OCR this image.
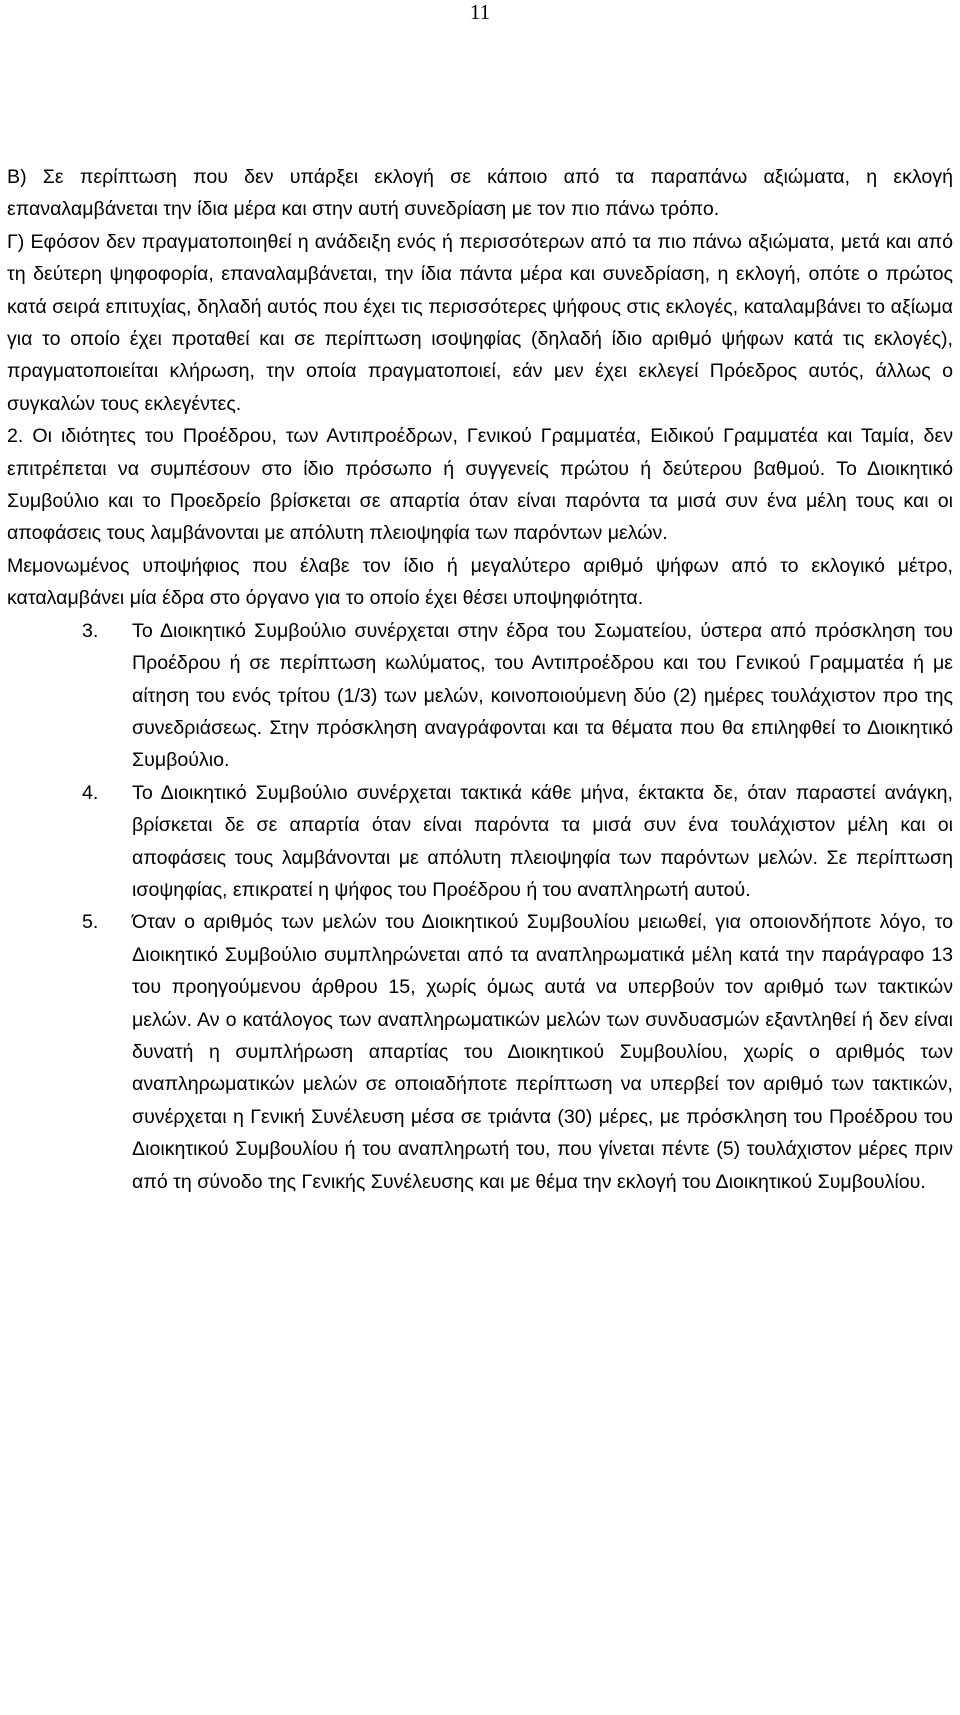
11

Β) Σε περίπτωση που δεν υπάρξει εκλογή σε κάποιο από τα παραπάνω αξιώματα, η εκλογή επαναλαμβάνεται την ίδια μέρα και στην αυτή συνεδρίαση με τον πιο πάνω τρόπο.

Γ) Εφόσον δεν πραγματοποιηθεί η ανάδειξη ενός ή περισσότερων από τα πιο πάνω αξιώματα, μετά και από τη δεύτερη ψηφοφορία, επαναλαμβάνεται, την ίδια πάντα μέρα και συνεδρίαση, η εκλογή, οπότε ο πρώτος κατά σειρά επιτυχίας, δηλαδή αυτός που έχει τις περισσότερες ψήφους στις εκλογές, καταλαμβάνει το αξίωμα για το οποίο έχει προταθεί και σε περίπτωση ισοψηφίας (δηλαδή ίδιο αριθμό ψήφων κατά τις εκλογές), πραγματοποιείται κλήρωση, την οποία πραγματοποιεί, εάν μεν έχει εκλεγεί Πρόεδρος αυτός, άλλως ο συγκαλών τους εκλεγέντες.

2. Οι ιδιότητες του Προέδρου, των Αντιπροέδρων, Γενικού Γραμματέα, Ειδικού Γραμματέα και Ταμία, δεν επιτρέπεται να συμπέσουν στο ίδιο πρόσωπο ή συγγενείς πρώτου ή δεύτερου βαθμού. Το Διοικητικό Συμβούλιο και το Προεδρείο βρίσκεται σε απαρτία όταν είναι παρόντα τα μισά συν ένα μέλη τους και οι αποφάσεις τους λαμβάνονται με απόλυτη πλειοψηφία των παρόντων μελών.

Μεμονωμένος υποψήφιος που έλαβε τον ίδιο ή μεγαλύτερο αριθμό ψήφων από το εκλογικό μέτρο, καταλαμβάνει μία έδρα στο όργανο για το οποίο έχει θέσει υποψηφιότητα.

3. Το Διοικητικό Συμβούλιο συνέρχεται στην έδρα του Σωματείου, ύστερα από πρόσκληση του Προέδρου ή σε περίπτωση κωλύματος, του Αντιπροέδρου και του Γενικού Γραμματέα ή με αίτηση του ενός τρίτου (1/3) των μελών, κοινοποιούμενη δύο (2) ημέρες τουλάχιστον προ της συνεδριάσεως. Στην πρόσκληση αναγράφονται και τα θέματα που θα επιληφθεί το Διοικητικό Συμβούλιο.
4. Το Διοικητικό Συμβούλιο συνέρχεται τακτικά κάθε μήνα, έκτακτα δε, όταν παραστεί ανάγκη, βρίσκεται δε σε απαρτία όταν είναι παρόντα τα μισά συν ένα τουλάχιστον μέλη και οι αποφάσεις τους λαμβάνονται με απόλυτη πλειοψηφία των παρόντων μελών. Σε περίπτωση ισοψηφίας, επικρατεί η ψήφος του Προέδρου ή του αναπληρωτή αυτού.
5. Όταν ο αριθμός των μελών του Διοικητικού Συμβουλίου μειωθεί, για οποιονδήποτε λόγο, το Διοικητικό Συμβούλιο συμπληρώνεται από τα αναπληρωματικά μέλη κατά την παράγραφο 13 του προηγούμενου άρθρου 15, χωρίς όμως αυτά να υπερβούν τον αριθμό των τακτικών μελών. Αν ο κατάλογος των αναπληρωματικών μελών των συνδυασμών εξαντληθεί ή δεν είναι δυνατή η συμπλήρωση απαρτίας του Διοικητικού Συμβουλίου, χωρίς ο αριθμός των αναπληρωματικών μελών σε οποιαδήποτε περίπτωση να υπερβεί τον αριθμό των τακτικών, συνέρχεται η Γενική Συνέλευση μέσα σε τριάντα (30) μέρες, με πρόσκληση του Προέδρου του Διοικητικού Συμβουλίου ή του αναπληρωτή του, που γίνεται πέντε (5) τουλάχιστον μέρες πριν από τη σύνοδο της Γενικής Συνέλευσης και με θέμα την εκλογή του Διοικητικού Συμβουλίου.
